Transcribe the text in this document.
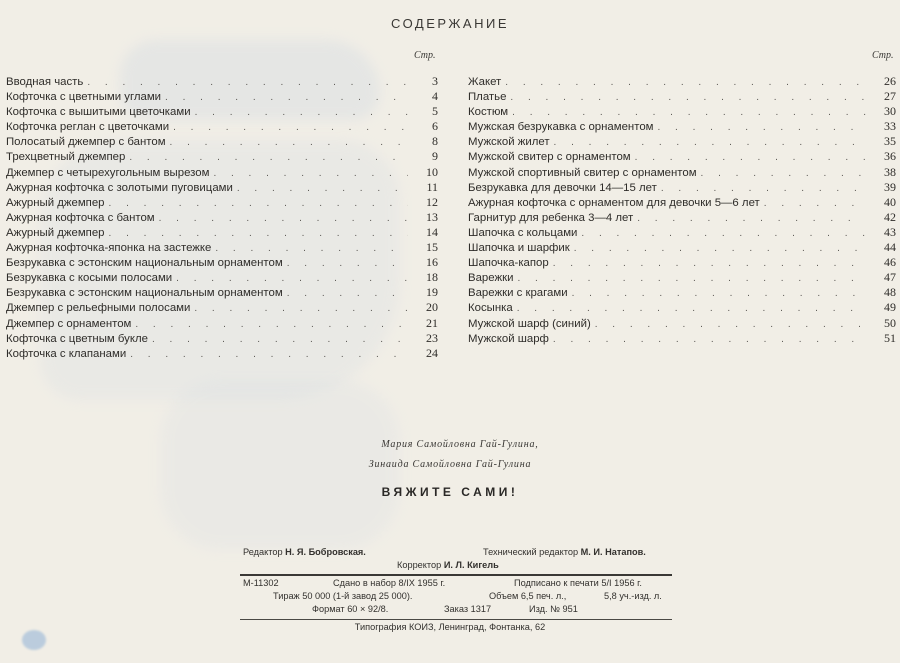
СОДЕРЖАНИЕ
Стр.	Стр.
Вводная часть . . .	3
Кофточка с цветными углами . . .	4
Кофточка с вышитыми цветочками . . .	5
Кофточка реглан с цветочками . . .	6
Полосатый джемпер с бантом . . .	8
Трехцветный джемпер . . .	9
Джемпер с четырехугольным вырезом . . .	10
Ажурная кофточка с золотыми пуговицами . . .	11
Ажурный джемпер . . .	12
Ажурная кофточка с бантом . . .	13
Ажурный джемпер . . .	14
Ажурная кофточка-японка на застежке . . .	15
Безрукавка с эстонским национальным орнаментом . . .	16
Безрукавка с косыми полосами . . .	18
Безрукавка с эстонским национальным орнаментом . . .	19
Джемпер с рельефными полосами . . .	20
Джемпер с орнаментом . . .	21
Кофточка с цветным букле . . .	23
Кофточка с клапанами . . .	24
Жакет . . .	26
Платье . . .	27
Костюм . . .	30
Мужская безрукавка с орнаментом . . .	33
Мужской жилет . . .	35
Мужской свитер с орнаментом . . .	36
Мужской спортивный свитер с орнаментом . . .	38
Безрукавка для девочки 14—15 лет . . .	39
Ажурная кофточка с орнаментом для девочки 5—6 лет . . .	40
Гарнитур для ребенка 3—4 лет . . .	42
Шапочка с кольцами . . .	43
Шапочка и шарфик . . .	44
Шапочка-капор . . .	46
Варежки . . .	47
Варежки с крагами . . .	48
Косынка . . .	49
Мужской шарф (синий) . . .	50
Мужской шарф . . .	51
Мария Самойловна Гай-Гулина,
Зинаида Самойловна Гай-Гулина
ВЯЖИТЕ САМИ!
Редактор Н. Я. Бобровская.	Технический редактор М. И. Натапов.
Корректор И. Л. Кигель
М-11302	Сдано в набор 8/IX 1955 г.	Подписано к печати 5/I 1956 г.
Тираж 50 000 (1-й завод 25 000).	Объем 6,5 печ. л.,	5,8 уч.-изд. л.
Формат 60 × 92/8.	Заказ 1317	Изд. № 951
Типография КОИЗ, Ленинград, Фонтанка, 62
